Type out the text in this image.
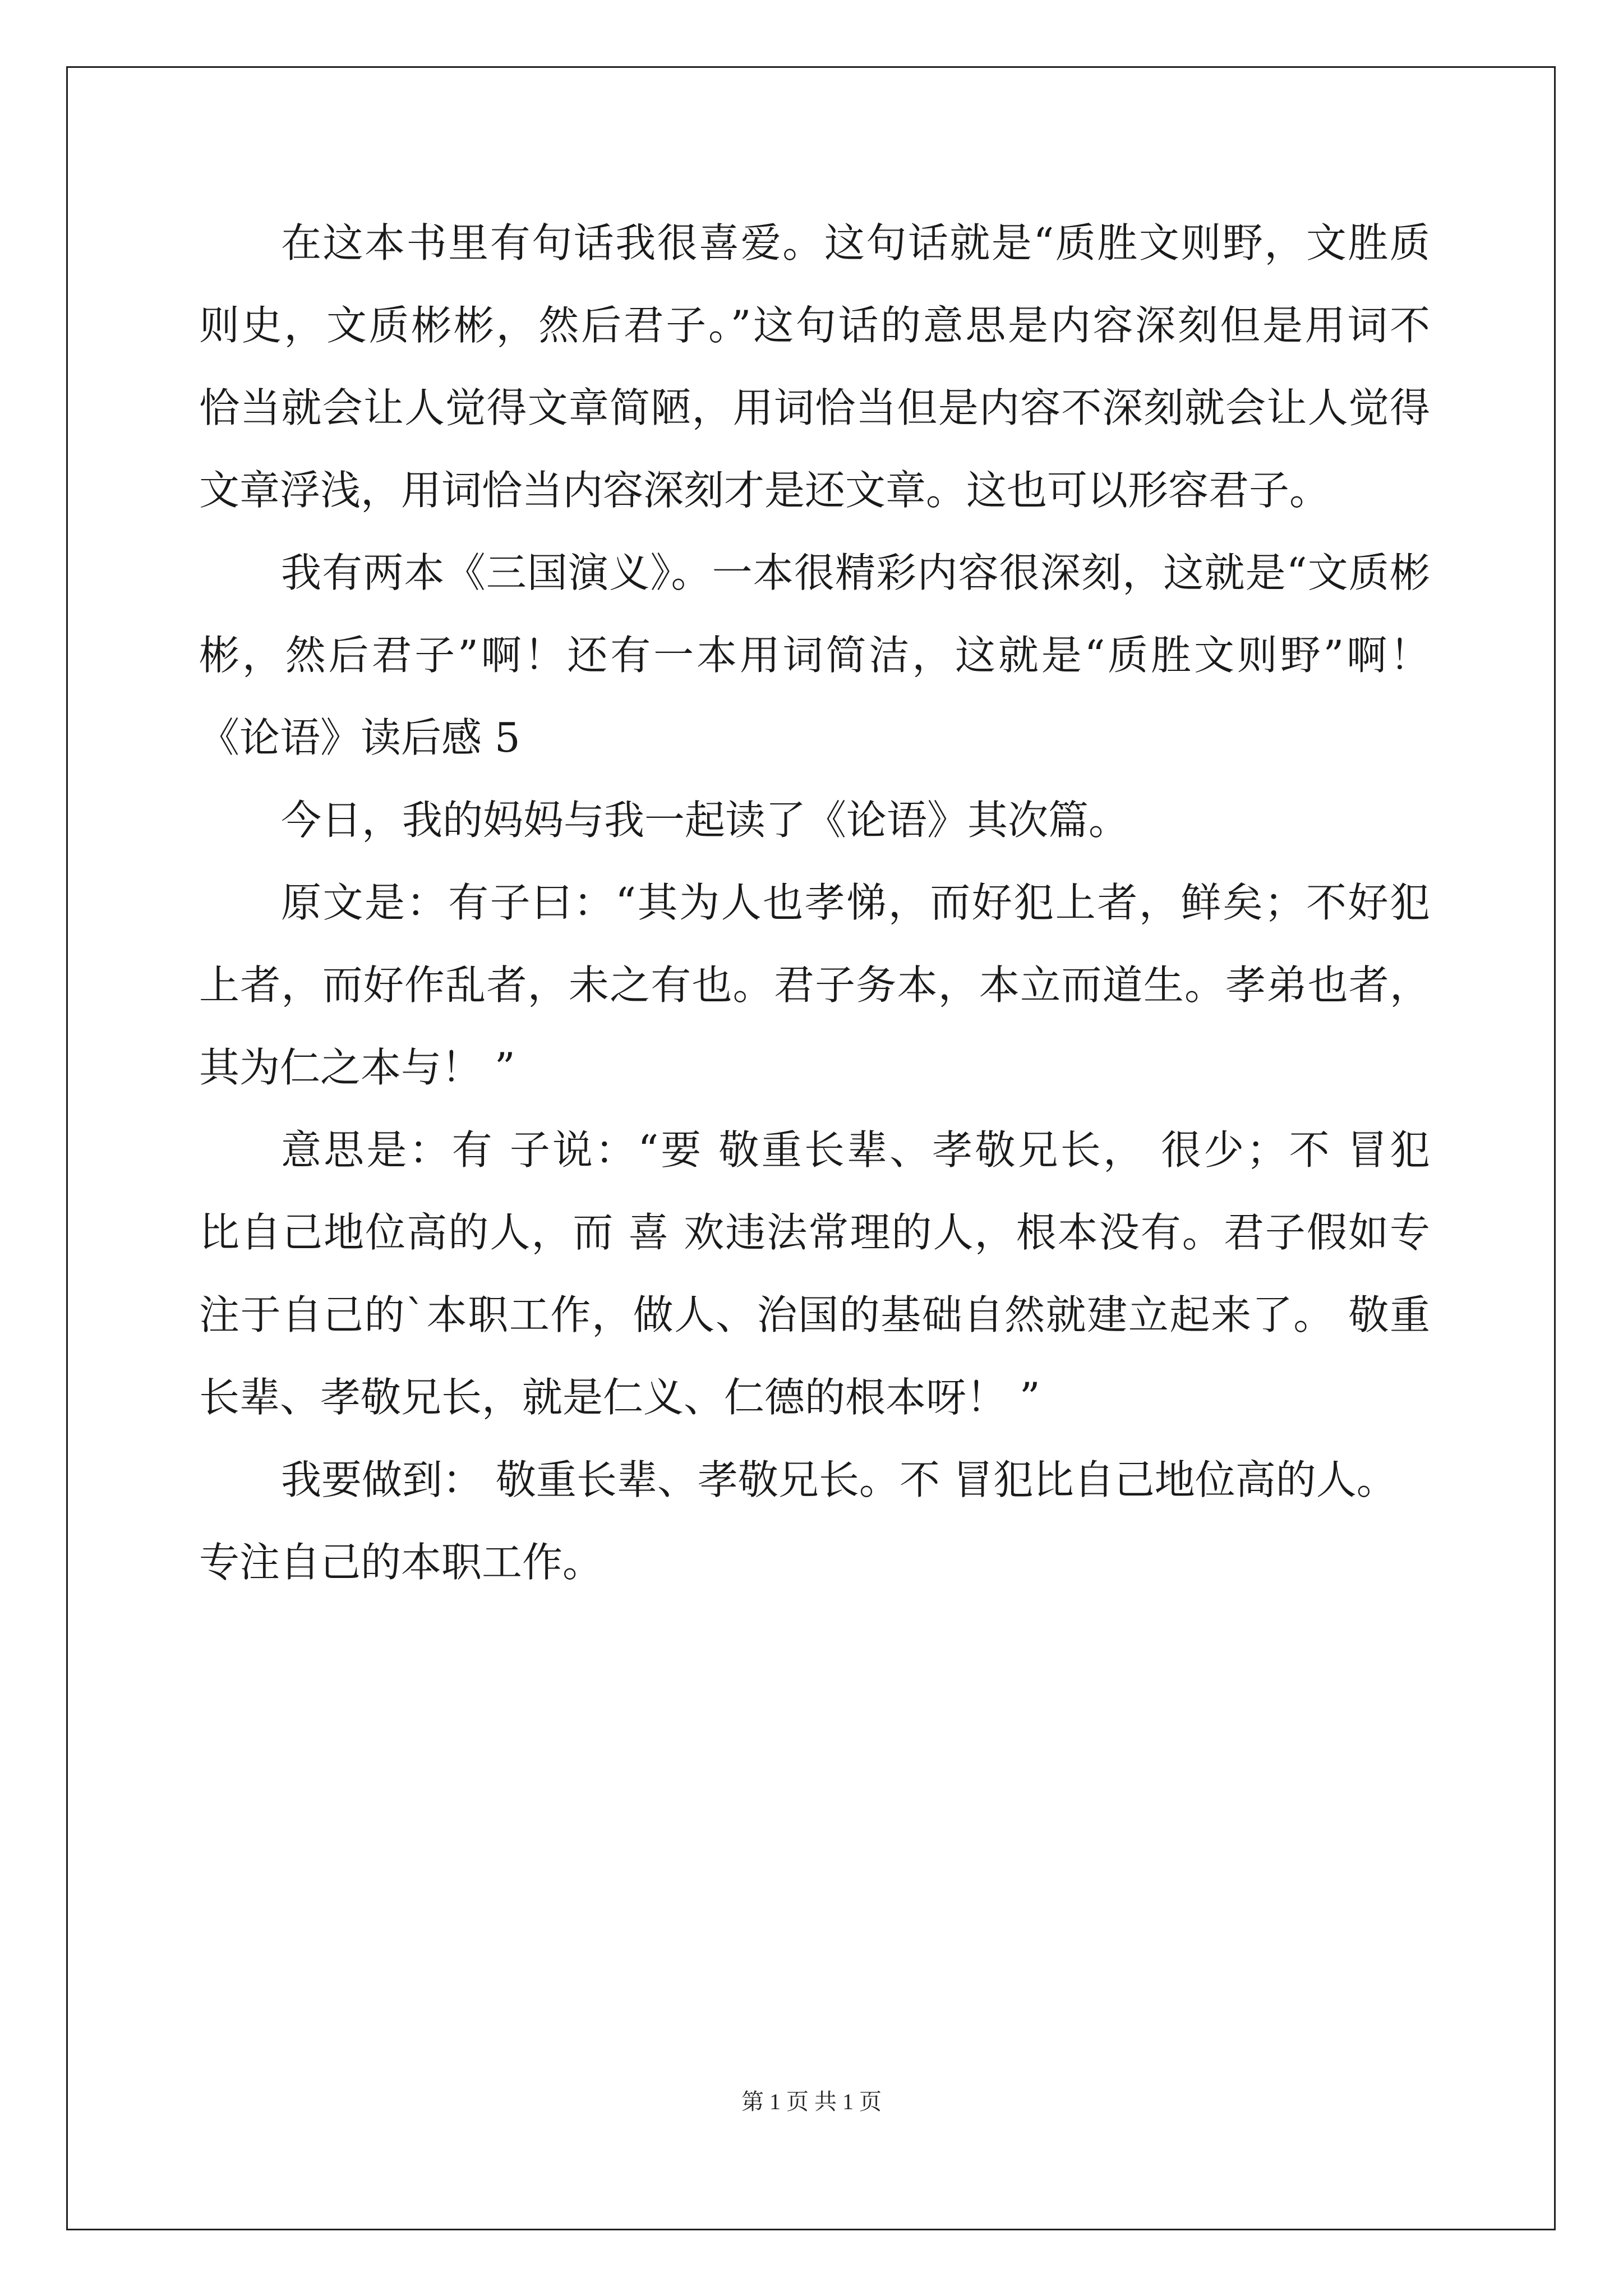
在这本书里有句话我很喜爱。这句话就是“质胜文则野，文胜质
则史，文质彬彬，然后君子。”这句话的意思是内容深刻但是用词不
恰当就会让人觉得文章简陋，用词恰当但是内容不深刻就会让人觉得
文章浮浅，用词恰当内容深刻才是还文章。这也可以形容君子。
我有两本《三国演义》。一本很精彩内容很深刻，这就是“文质彬
彬，然后君子”啊！还有一本用词简洁，这就是“质胜文则野”啊！
《论语》读后感 5
今日，我的妈妈与我一起读了《论语》其次篇。
原文是：有子曰：“其为人也孝悌，而好犯上者，鲜矣；不好犯
上者，而好作乱者，未之有也。君子务本，本立而道生。孝弟也者，
其为仁之本与！ ”
意思是：有 子说：“要 敬重长辈、孝敬兄长， 很少；不 冒犯
比自己地位高的人，而 喜 欢违法常理的人，根本没有。君子假如专
注于自己的`本职工作，做人、治国的基础自然就建立起来了。 敬重
长辈、孝敬兄长，就是仁义、仁德的根本呀！ ”
我要做到： 敬重长辈、孝敬兄长。不 冒犯比自己地位高的人。
专注自己的本职工作。
第 1 页 共 1 页
